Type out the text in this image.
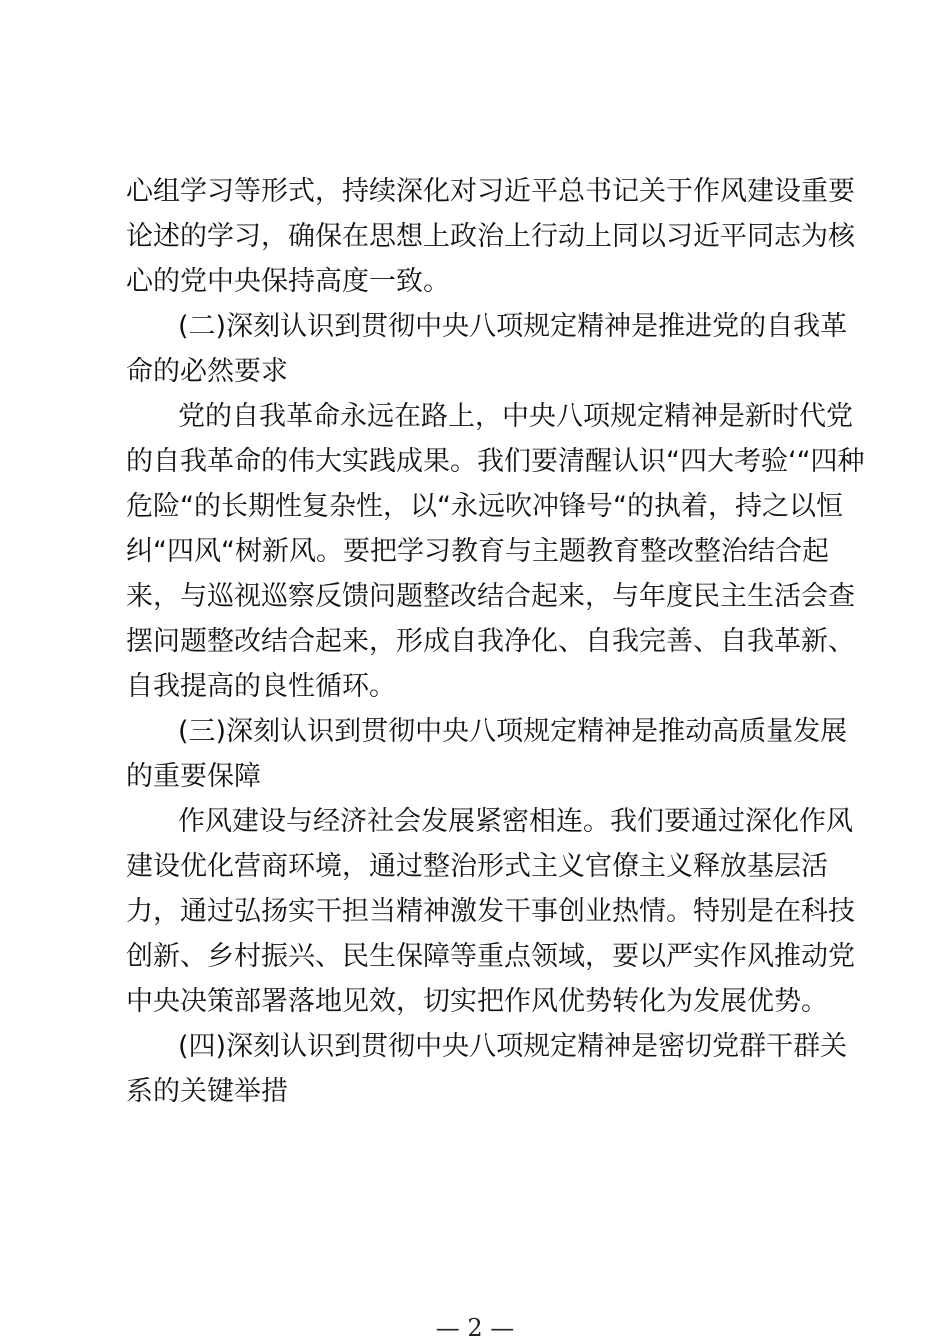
心组学习等形式，持续深化对习近平总书记关于作风建设重要
论述的学习，确保在思想上政治上行动上同以习近平同志为核
心的党中央保持高度一致。
(二)深刻认识到贯彻中央八项规定精神是推进党的自我革
命的必然要求
党的自我革命永远在路上，中央八项规定精神是新时代党
的自我革命的伟大实践成果。我们要清醒认识“四大考验‘“四种
危险“的长期性复杂性，以“永远吹冲锋号“的执着，持之以恒
纠“四风“树新风。要把学习教育与主题教育整改整治结合起
来，与巡视巡察反馈问题整改结合起来，与年度民主生活会查
摆问题整改结合起来，形成自我净化、自我完善、自我革新、
自我提高的良性循环。
(三)深刻认识到贯彻中央八项规定精神是推动高质量发展
的重要保障
作风建设与经济社会发展紧密相连。我们要通过深化作风
建设优化营商环境，通过整治形式主义官僚主义释放基层活
力，通过弘扬实干担当精神激发干事创业热情。特别是在科技
创新、乡村振兴、民生保障等重点领域，要以严实作风推动党
中央决策部署落地见效，切实把作风优势转化为发展优势。
(四)深刻认识到贯彻中央八项规定精神是密切党群干群关
系的关键举措
— 2 —
